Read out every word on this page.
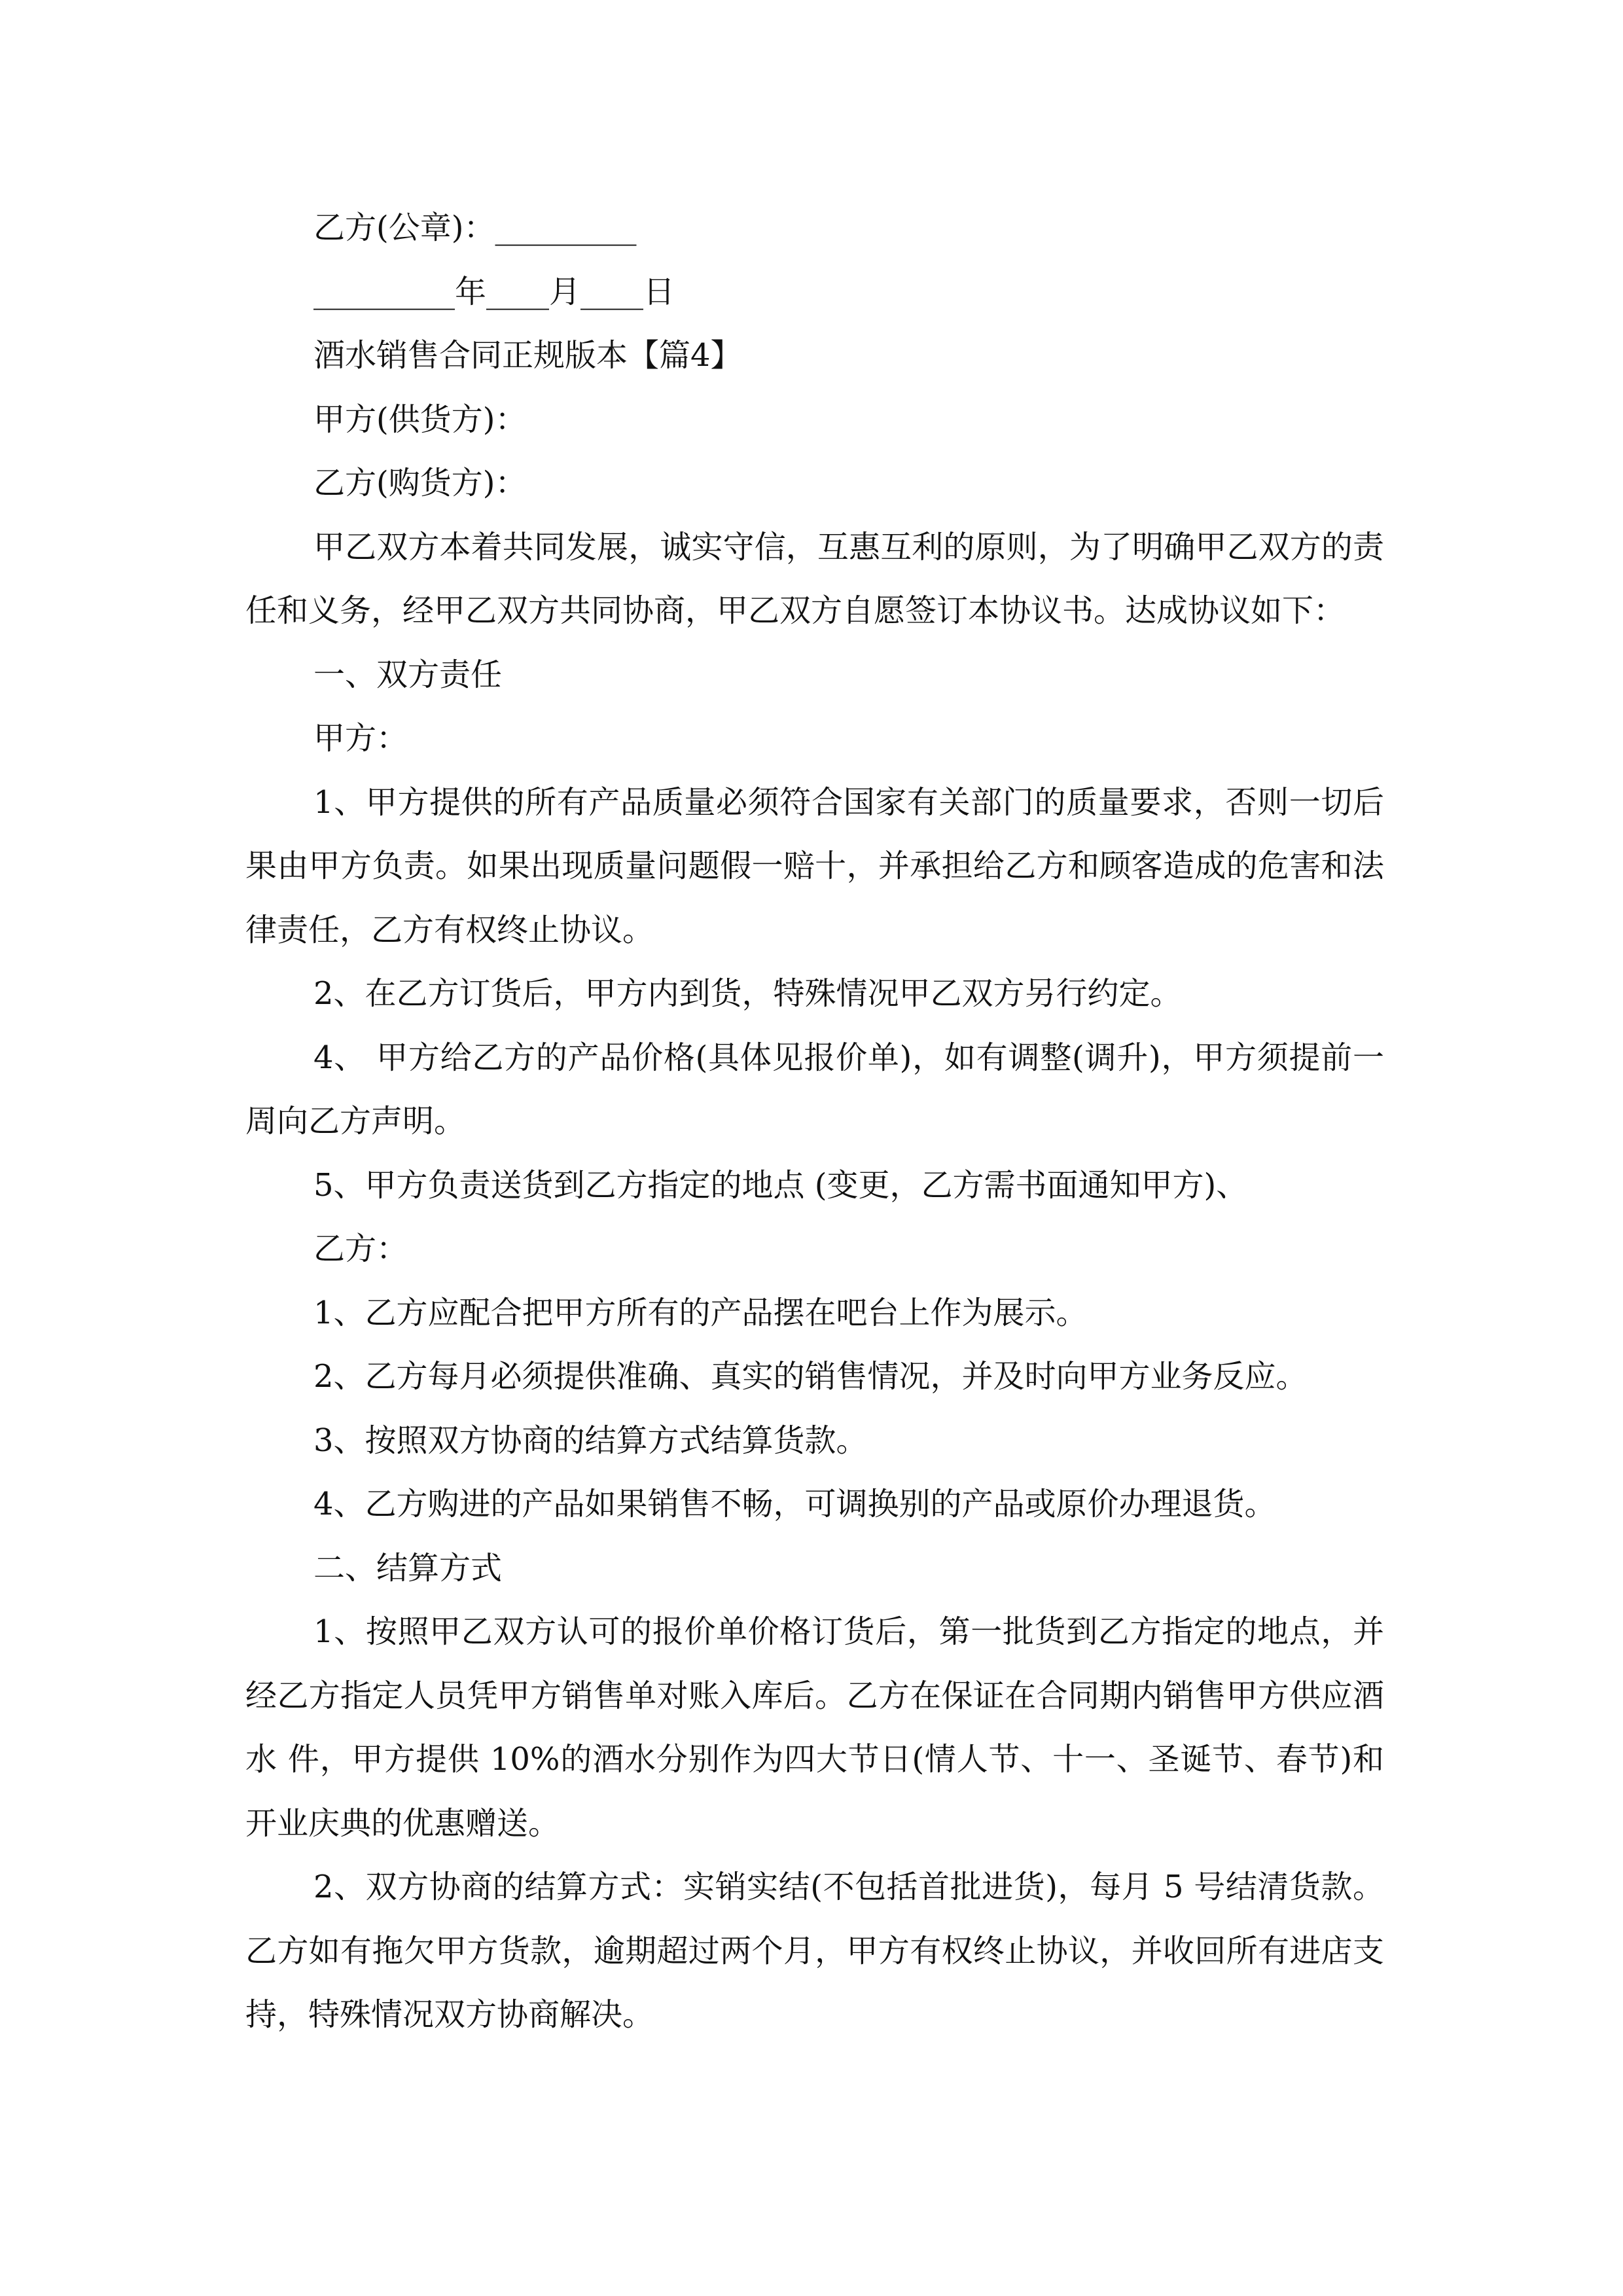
乙方(公章)：_________

_________年____月____日

酒水销售合同正规版本【篇4】

甲方(供货方)：

乙方(购货方)：

甲乙双方本着共同发展，诚实守信，互惠互利的原则，为了明确甲乙双方的责任和义务，经甲乙双方共同协商，甲乙双方自愿签订本协议书。达成协议如下：

一、双方责任

甲方：

1、甲方提供的所有产品质量必须符合国家有关部门的质量要求，否则一切后果由甲方负责。如果出现质量问题假一赔十，并承担给乙方和顾客造成的危害和法律责任，乙方有权终止协议。

2、在乙方订货后，甲方内到货，特殊情况甲乙双方另行约定。

4、 甲方给乙方的产品价格(具体见报价单)，如有调整(调升)，甲方须提前一周向乙方声明。

5、甲方负责送货到乙方指定的地点 (变更，乙方需书面通知甲方)、

乙方：

1、乙方应配合把甲方所有的产品摆在吧台上作为展示。

2、乙方每月必须提供准确、真实的销售情况，并及时向甲方业务反应。

3、按照双方协商的结算方式结算货款。

4、乙方购进的产品如果销售不畅，可调换别的产品或原价办理退货。

二、结算方式

1、按照甲乙双方认可的报价单价格订货后，第一批货到乙方指定的地点，并经乙方指定人员凭甲方销售单对账入库后。乙方在保证在合同期内销售甲方供应酒水 件，甲方提供 10%的酒水分别作为四大节日(情人节、十一、圣诞节、春节)和开业庆典的优惠赠送。

2、双方协商的结算方式：实销实结(不包括首批进货)，每月 5 号结清货款。乙方如有拖欠甲方货款，逾期超过两个月，甲方有权终止协议，并收回所有进店支持，特殊情况双方协商解决。
